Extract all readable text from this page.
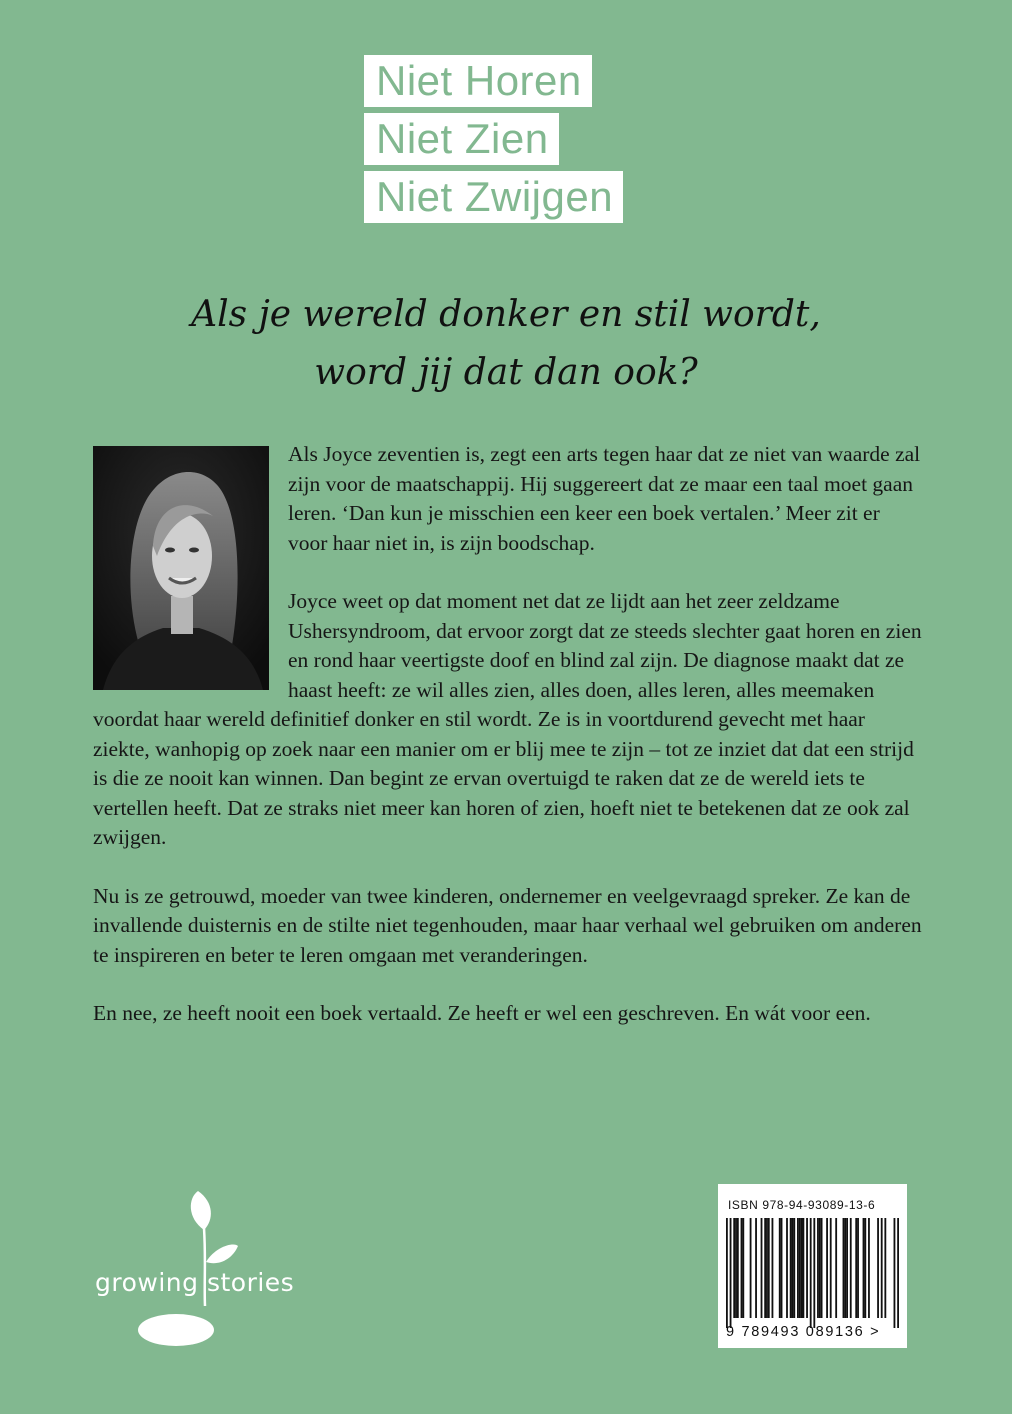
Niet Horen
Niet Zien
Niet Zwijgen
Als je wereld donker en stil wordt,
word jij dat dan ook?

Als Joyce zeventien is, zegt een arts tegen haar dat ze niet van waarde zal zijn voor de maatschappij. Hij suggereert dat ze maar een taal moet gaan leren. ‘Dan kun je misschien een keer een boek vertalen.’ Meer zit er voor haar niet in, is zijn boodschap.

Joyce weet op dat moment net dat ze lijdt aan het zeer zeldzame Ushersyndroom, dat ervoor zorgt dat ze steeds slechter gaat horen en zien en rond haar veertigste doof en blind zal zijn. De diagnose maakt dat ze haast heeft: ze wil alles zien, alles doen, alles leren, alles meemaken voordat haar wereld definitief donker en stil wordt. Ze is in voortdurend gevecht met haar ziekte, wanhopig op zoek naar een manier om er blij mee te zijn – tot ze inziet dat dat een strijd is die ze nooit kan winnen. Dan begint ze ervan overtuigd te raken dat ze de wereld iets te vertellen heeft. Dat ze straks niet meer kan horen of zien, hoeft niet te betekenen dat ze ook zal zwijgen.

Nu is ze getrouwd, moeder van twee kinderen, ondernemer en veelgevraagd spreker. Ze kan de invallende duisternis en de stilte niet tegenhouden, maar haar verhaal wel gebruiken om anderen te inspireren en beter te leren omgaan met veranderingen.

En nee, ze heeft nooit een boek vertaald. Ze heeft er wel een geschreven. En wát voor een.

growing stories
ISBN 978-94-93089-13-6
9 789493 089136 >
